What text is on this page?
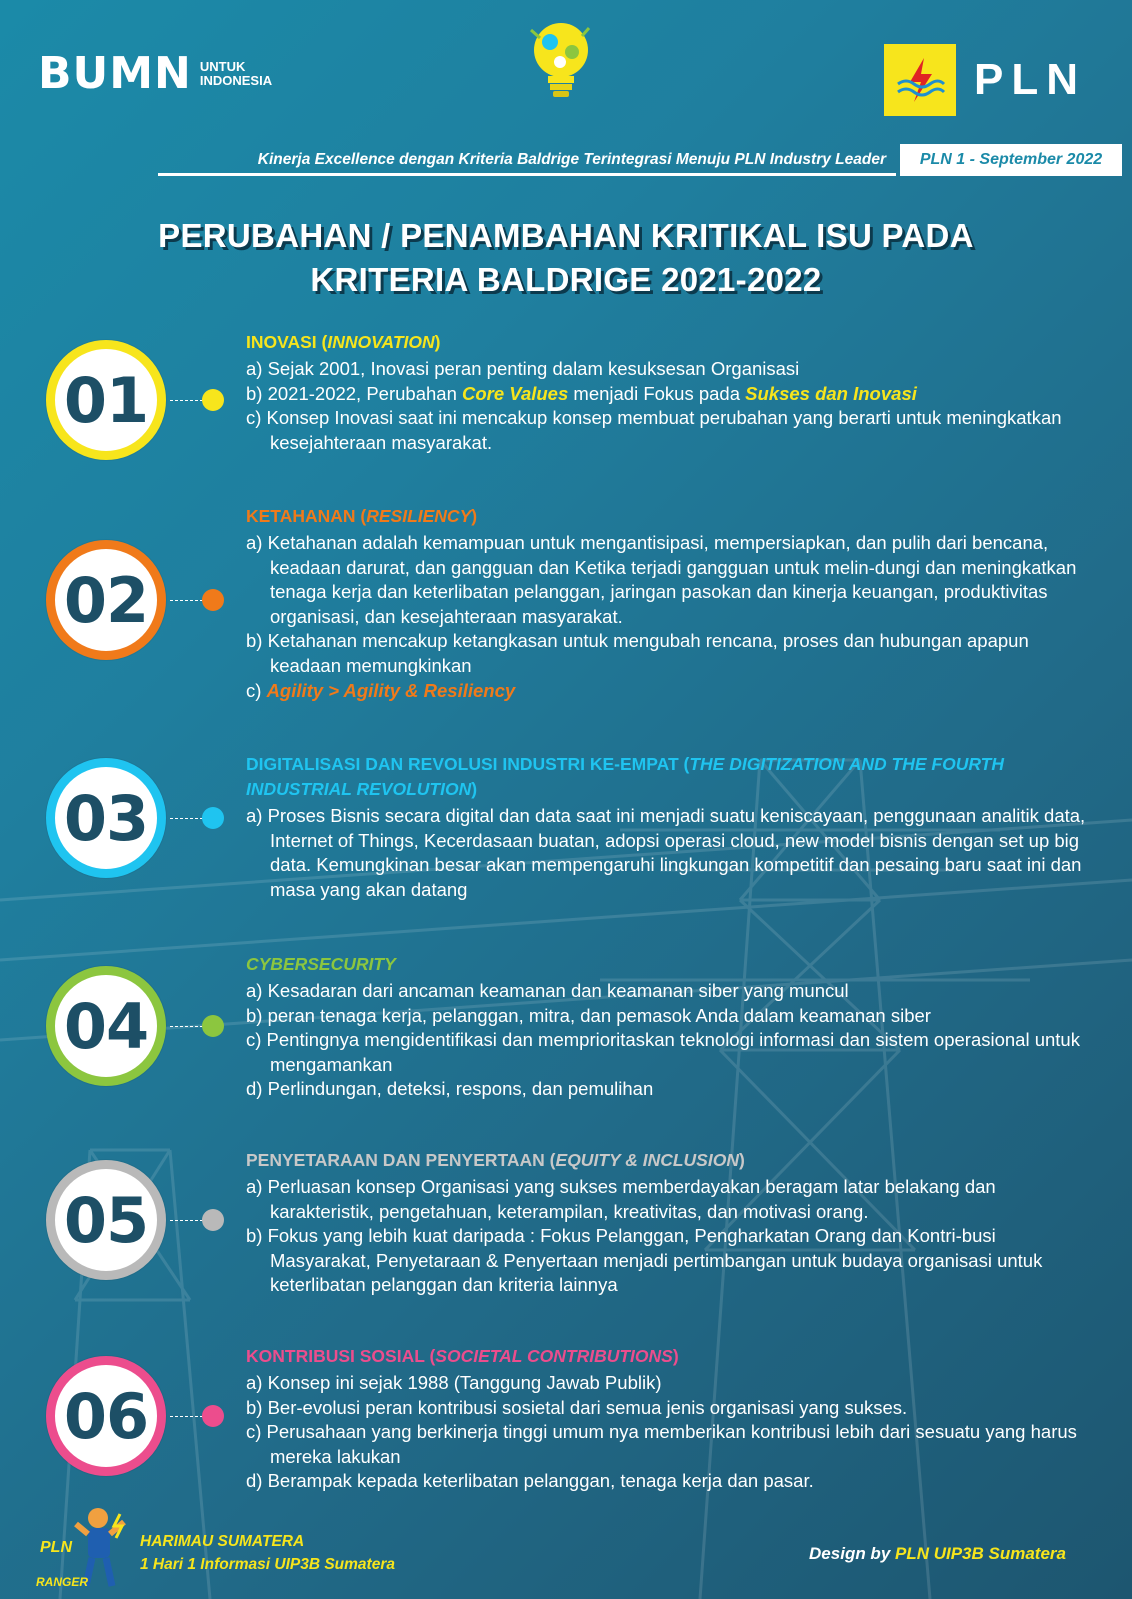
BUMN UNTUK
INDONESIA	PLN
Kinerja Excellence dengan Kriteria Baldrige Terintegrasi Menuju PLN Industry Leader PLN 1 - September 2022
PERUBAHAN / PENAMBAHAN KRITIKAL ISU PADA
KRITERIA BALDRIGE 2021-2022
01
INOVASI (INNOVATION)
a) Sejak 2001, Inovasi peran penting dalam kesuksesan Organisasi
b) 2021-2022, Perubahan Core Values menjadi Fokus pada Sukses dan Inovasi
c) Konsep Inovasi saat ini mencakup konsep membuat perubahan yang berarti untuk meningkatkan kesejahteraan masyarakat.
02
KETAHANAN (RESILIENCY)
a) Ketahanan adalah kemampuan untuk mengantisipasi, mempersiapkan, dan pulih dari bencana, keadaan darurat, dan gangguan dan Ketika terjadi gangguan untuk melin-dungi dan meningkatkan tenaga kerja dan keterlibatan pelanggan, jaringan pasokan dan kinerja keuangan, produktivitas organisasi, dan kesejahteraan masyarakat.
b) Ketahanan mencakup ketangkasan untuk mengubah rencana, proses dan hubungan apapun keadaan memungkinkan
c) Agility > Agility & Resiliency
03
DIGITALISASI DAN REVOLUSI INDUSTRI KE-EMPAT (THE DIGITIZATION AND THE FOURTH INDUSTRIAL REVOLUTION)
a) Proses Bisnis secara digital dan data saat ini menjadi suatu keniscayaan, penggunaan analitik data, Internet of Things, Kecerdasaan buatan, adopsi operasi cloud, new model bisnis dengan set up big data. Kemungkinan besar akan mempengaruhi lingkungan kompetitif dan pesaing baru saat ini dan masa yang akan datang
04
CYBERSECURITY
a) Kesadaran dari ancaman keamanan dan keamanan siber yang muncul
b) peran tenaga kerja, pelanggan, mitra, dan pemasok Anda dalam keamanan siber
c) Pentingnya mengidentifikasi dan memprioritaskan teknologi informasi dan sistem operasional untuk mengamankan
d) Perlindungan, deteksi, respons, dan pemulihan
05
PENYETARAAN DAN PENYERTAAN (EQUITY & INCLUSION)
a) Perluasan konsep Organisasi yang sukses memberdayakan beragam latar belakang dan karakteristik, pengetahuan, keterampilan, kreativitas, dan motivasi orang.
b) Fokus yang lebih kuat daripada : Fokus Pelanggan, Pengharkatan Orang dan Kontri-busi Masyarakat, Penyetaraan & Penyertaan menjadi pertimbangan untuk budaya organisasi untuk keterlibatan pelanggan dan kriteria lainnya
06
KONTRIBUSI SOSIAL (SOCIETAL CONTRIBUTIONS)
a) Konsep ini sejak 1988 (Tanggung Jawab Publik)
b) Ber-evolusi peran kontribusi sosietal dari semua jenis organisasi yang sukses.
c) Perusahaan yang berkinerja tinggi umum nya memberikan kontribusi lebih dari sesuatu yang harus mereka lakukan
d) Berampak kepada keterlibatan pelanggan, tenaga kerja dan pasar.
PLN
RANGER
HARIMAU SUMATERA
1 Hari 1 Informasi UIP3B Sumatera
Design by PLN UIP3B Sumatera
